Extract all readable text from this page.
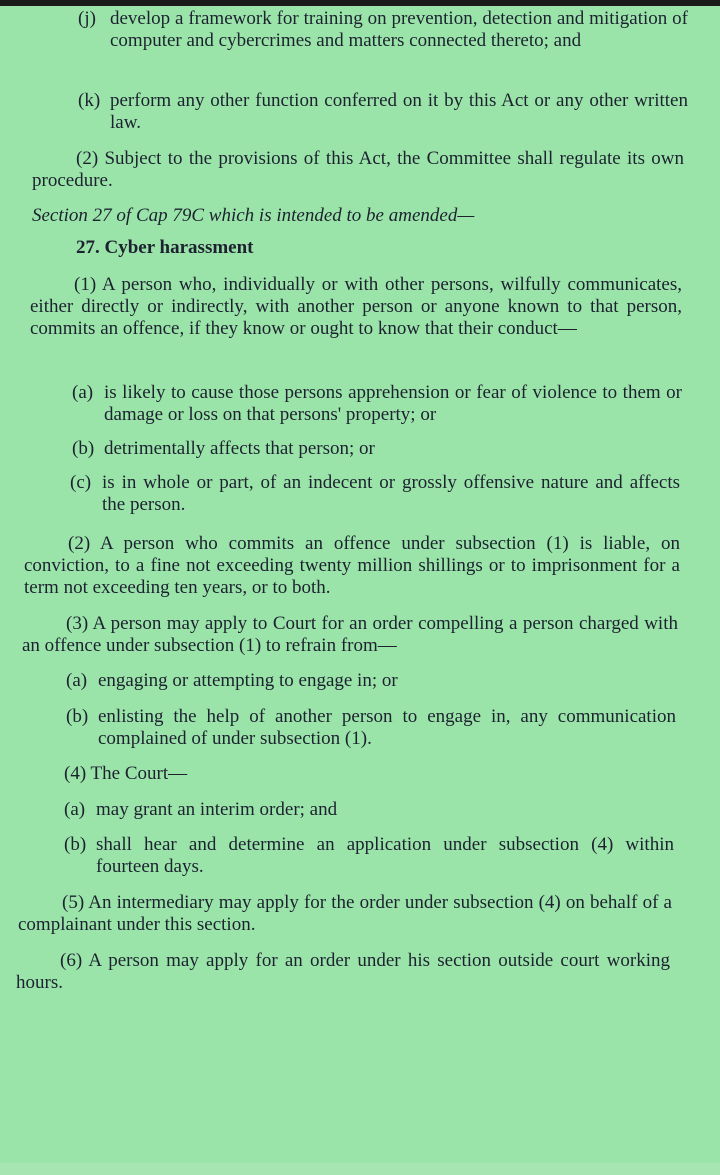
(j) develop a framework for training on prevention, detection and mitigation of computer and cybercrimes and matters connected thereto; and
(k) perform any other function conferred on it by this Act or any other written law.
(2) Subject to the provisions of this Act, the Committee shall regulate its own procedure.
Section 27 of Cap 79C which is intended to be amended—
27. Cyber harassment
(1) A person who, individually or with other persons, wilfully communicates, either directly or indirectly, with another person or anyone known to that person, commits an offence, if they know or ought to know that their conduct—
(a) is likely to cause those persons apprehension or fear of violence to them or damage or loss on that persons' property; or
(b) detrimentally affects that person; or
(c) is in whole or part, of an indecent or grossly offensive nature and affects the person.
(2) A person who commits an offence under subsection (1) is liable, on conviction, to a fine not exceeding twenty million shillings or to imprisonment for a term not exceeding ten years, or to both.
(3) A person may apply to Court for an order compelling a person charged with an offence under subsection (1) to refrain from—
(a) engaging or attempting to engage in; or
(b) enlisting the help of another person to engage in, any communication complained of under subsection (1).
(4) The Court—
(a) may grant an interim order; and
(b) shall hear and determine an application under subsection (4) within fourteen days.
(5) An intermediary may apply for the order under subsection (4) on behalf of a complainant under this section.
(6) A person may apply for an order under his section outside court working hours.
